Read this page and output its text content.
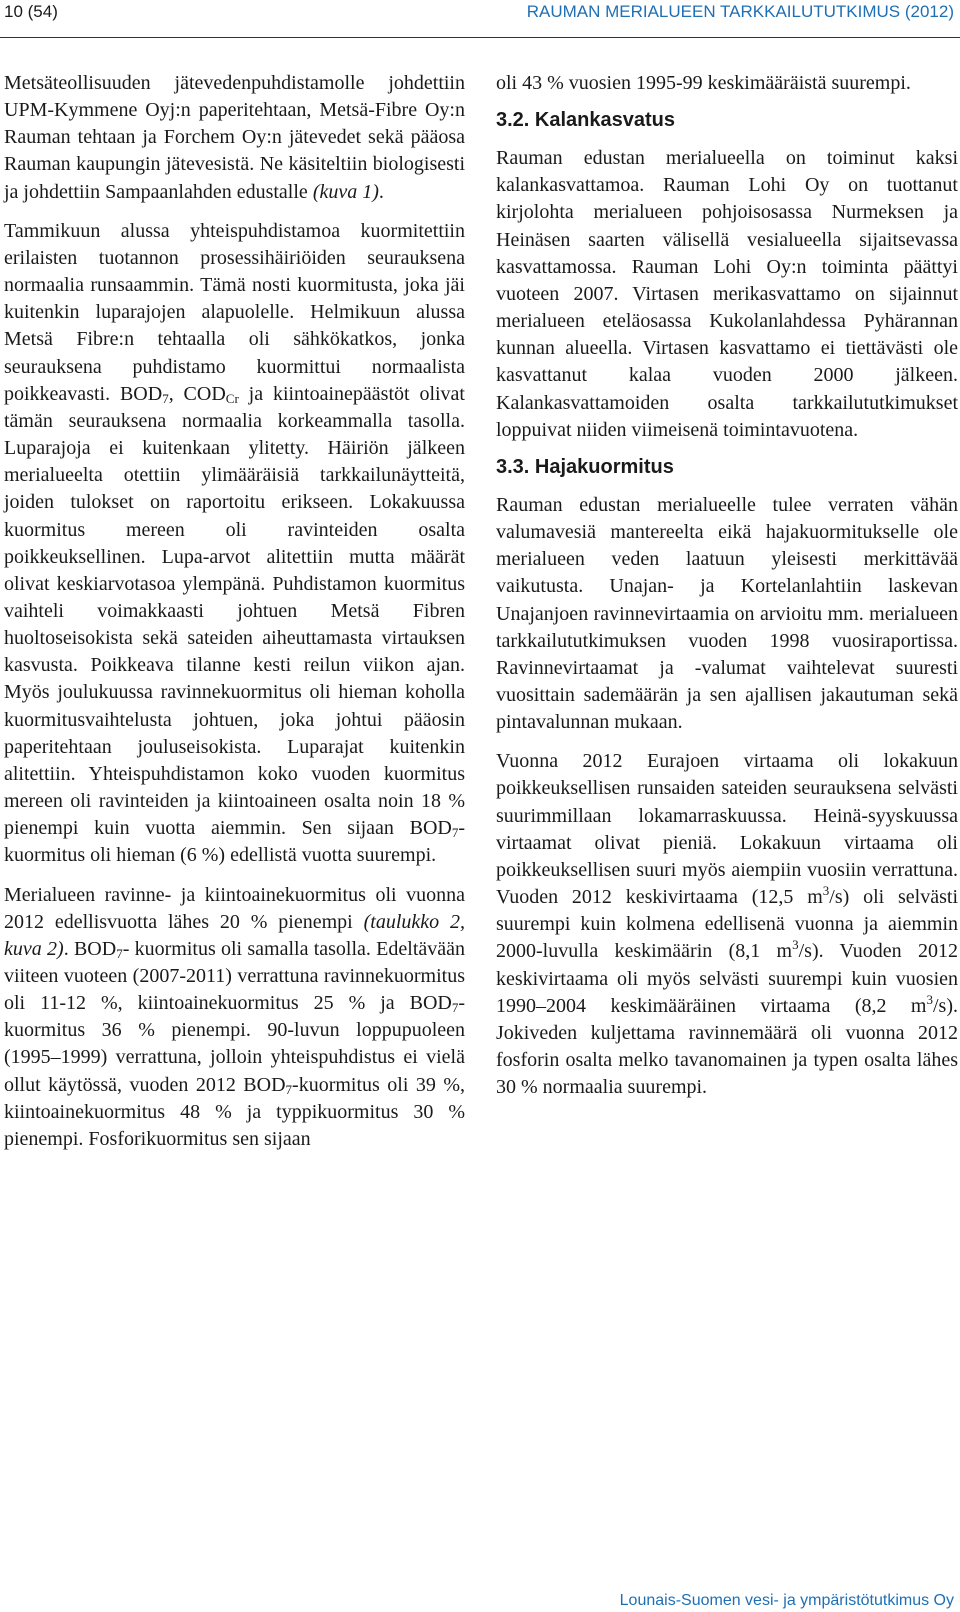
10 (54)	RAUMAN MERIALUEEN TARKKAILUTUTKIMUS (2012)

Metsäteollisuuden jätevedenpuhdistamolle johdettiin UPM-Kymmene Oyj:n paperitehtaan, Metsä-Fibre Oy:n Rauman tehtaan ja Forchem Oy:n jätevedet sekä pääosa Rauman kaupungin jätevesistä. Ne käsiteltiin biologisesti ja johdettiin Sampaanlahden edustalle (kuva 1).

Tammikuun alussa yhteispuhdistamoa kuormitettiin erilaisten tuotannon prosessihäiriöiden seurauksena normaalia runsaammin. Tämä nosti kuormitusta, joka jäi kuitenkin luparajojen alapuolelle. Helmikuun alussa Metsä Fibre:n tehtaalla oli sähkökatkos, jonka seurauksena puhdistamo kuormittui normaalista poikkeavasti. $BOD_7$, $COD_{Cr}$ ja kiintoainepäästöt olivat tämän seurauksena normaalia korkeammalla tasolla. Luparajoja ei kuitenkaan ylitetty. Häiriön jälkeen merialueelta otettiin ylimääräisiä tarkkailunäytteitä, joiden tulokset on raportoitu erikseen. Lokakuussa kuormitus mereen oli ravinteiden osalta poikkeuksellinen. Lupa-arvot alitettiin mutta määrät olivat keskiarvotasoa ylempänä. Puhdistamon kuormitus vaihteli voimakkaasti johtuen Metsä Fibren huoltoseisokista sekä sateiden aiheuttamasta virtauksen kasvusta. Poikkeava tilanne kesti reilun viikon ajan. Myös joulukuussa ravinnekuormitus oli hieman koholla kuormitusvaihtelusta johtuen, joka johtui pääosin paperitehtaan jouluseisokista. Luparajat kuitenkin alitettiin. Yhteispuhdistamon koko vuoden kuormitus mereen oli ravinteiden ja kiintoaineen osalta noin 18 % pienempi kuin vuotta aiemmin. Sen sijaan $BOD_7$-kuormitus oli hieman (6 %) edellistä vuotta suurempi.

Merialueen ravinne- ja kiintoainekuormitus oli vuonna 2012 edellisvuotta lähes 20 % pienempi (taulukko 2, kuva 2). $BOD_7-$ kuormitus oli samalla tasolla. Edeltävään viiteen vuoteen (2007-2011) verrattuna ravinnekuormitus oli 11-12 %, kiintoainekuormitus 25 % ja $BOD_7$-kuormitus 36 % pienempi. 90-luvun loppupuoleen (1995–1999) verrattuna, jolloin yhteispuhdistus ei vielä ollut käytössä, vuoden 2012 $BOD_7$-kuormitus oli 39 %, kiintoainekuormitus 48 % ja typpikuormitus 30 % pienempi. Fosforikuormitus sen sijaan

oli 43 % vuosien 1995-99 keskimääräistä suurempi.

3.2. Kalankasvatus

Rauman edustan merialueella on toiminut kaksi kalankasvattamoa. Rauman Lohi Oy on tuottanut kirjolohta merialueen pohjoisosassa Nurmeksen ja Heinäsen saarten välisellä vesialueella sijaitsevassa kasvattamossa. Rauman Lohi Oy:n toiminta päättyi vuoteen 2007. Virtasen merikasvattamo on sijainnut merialueen eteläosassa Kukolanlahdessa Pyhärannan kunnan alueella. Virtasen kasvattamo ei tiettävästi ole kasvattanut kalaa vuoden 2000 jälkeen. Kalankasvattamoiden osalta tarkkailututkimukset loppuivat niiden viimeisenä toimintavuotena.

3.3. Hajakuormitus

Rauman edustan merialueelle tulee verraten vähän valumavesiä mantereelta eikä hajakuormitukselle ole merialueen veden laatuun yleisesti merkittävää vaikutusta. Unajan- ja Kortelanlahtiin laskevan Unajanjoen ravinnevirtaamia on arvioitu mm. merialueen tarkkailututkimuksen vuoden 1998 vuosiraportissa. Ravinnevirtaamat ja -valumat vaihtelevat suuresti vuosittain sademäärän ja sen ajallisen jakautuman sekä pintavalunnan mukaan.

Vuonna 2012 Eurajoen virtaama oli lokakuun poikkeuksellisen runsaiden sateiden seurauksena selvästi suurimmillaan lokamarraskuussa. Heinä-syyskuussa virtaamat olivat pieniä. Lokakuun virtaama oli poikkeuksellisen suuri myös aiempiin vuosiin verrattuna. Vuoden 2012 keskivirtaama (12,5 $m^3/s$) oli selvästi suurempi kuin kolmena edellisenä vuonna ja aiemmin 2000-luvulla keskimäärin (8,1 $m^3/s$). Vuoden 2012 keskivirtaama oli myös selvästi suurempi kuin vuosien 1990–2004 keskimääräinen virtaama (8,2 $m^3/s$). Jokiveden kuljettama ravinnemäärä oli vuonna 2012 fosforin osalta melko tavanomainen ja typen osalta lähes 30 % normaalia suurempi.

Lounais-Suomen vesi- ja ympäristötutkimus Oy
